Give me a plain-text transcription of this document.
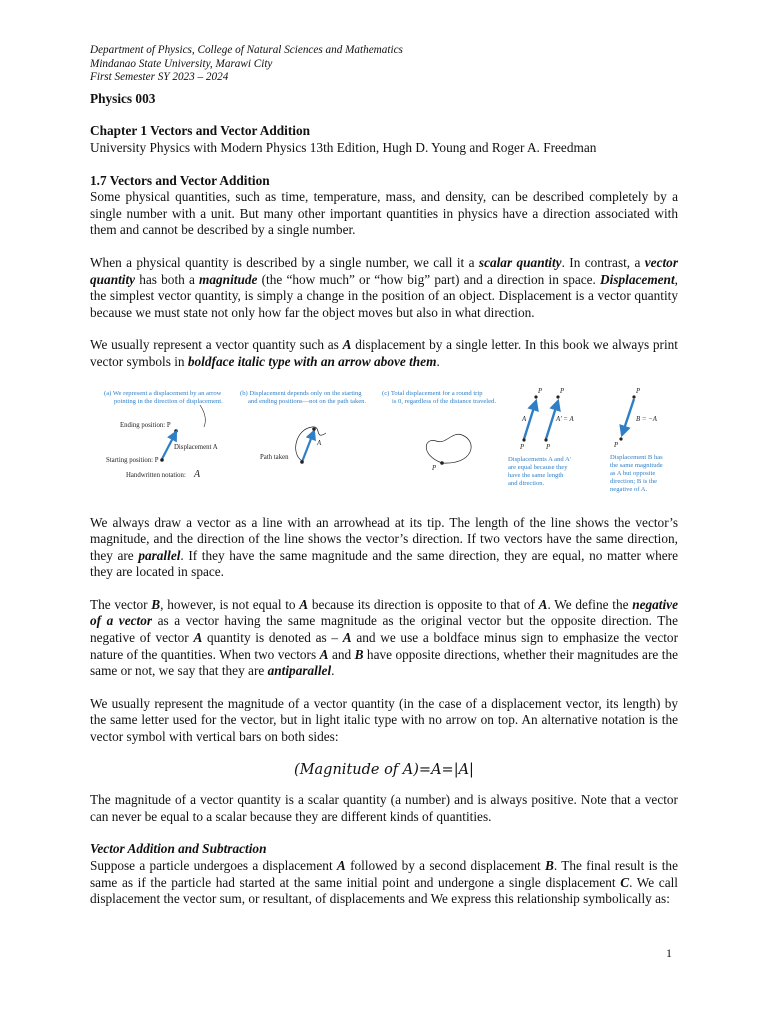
Department of Physics, College of Natural Sciences and Mathematics
Mindanao State University, Marawi City
First Semester SY 2023 – 2024
Physics 003
Chapter 1 Vectors and Vector Addition
University Physics with Modern Physics 13th Edition, Hugh D. Young and Roger A. Freedman
1.7 Vectors and Vector Addition

Some physical quantities, such as time, temperature, mass, and density, can be described completely by a single number with a unit. But many other important quantities in physics have a direction associated with them and cannot be described by a single number.

When a physical quantity is described by a single number, we call it a scalar quantity. In contrast, a vector quantity has both a magnitude (the “how much” or “how big” part) and a direction in space. Displacement, the simplest vector quantity, is simply a change in the position of an object. Displacement is a vector quantity because we must state not only how far the object moves but also in what direction.

We usually represent a vector quantity such as A displacement by a single letter. In this book we always print vector symbols in boldface italic type with an arrow above them.

(a) We represent a displacement by an arrow
pointing in the direction of displacement.
Ending position: P
Displacement A
Starting position: P
Handwritten notation: A
(b) Displacement depends only on the starting
and ending positions—not on the path taken.
A
Path taken
(c) Total displacement for a round trip
is 0, regardless of the distance traveled.
P
P	P
P	P
A	A' = A
Displacements A and A'
are equal because they
have the same length
and direction.
P
P
B = −A
Displacement B has
the same magnitude
as A but opposite
direction; B is the
negative of A.

We always draw a vector as a line with an arrowhead at its tip. The length of the line shows the vector’s magnitude, and the direction of the line shows the vector’s direction. If two vectors have the same direction, they are parallel. If they have the same magnitude and the same direction, they are equal, no matter where they are located in space.

The vector B, however, is not equal to A because its direction is opposite to that of A. We define the negative of a vector as a vector having the same magnitude as the original vector but the opposite direction. The negative of vector A quantity is denoted as – A and we use a boldface minus sign to emphasize the vector nature of the quantities. When two vectors A and B have opposite directions, whether their magnitudes are the same or not, we say that they are antiparallel.

We usually represent the magnitude of a vector quantity (in the case of a displacement vector, its length) by the same letter used for the vector, but in light italic type with no arrow on top. An alternative notation is the vector symbol with vertical bars on both sides:

(Magnitude of A)=A=|A|

The magnitude of a vector quantity is a scalar quantity (a number) and is always positive. Note that a vector can never be equal to a scalar because they are different kinds of quantities.

Vector Addition and Subtraction

Suppose a particle undergoes a displacement A followed by a second displacement B. The final result is the same as if the particle had started at the same initial point and undergone a single displacement C. We call displacement the vector sum, or resultant, of displacements and We express this relationship symbolically as:

1
